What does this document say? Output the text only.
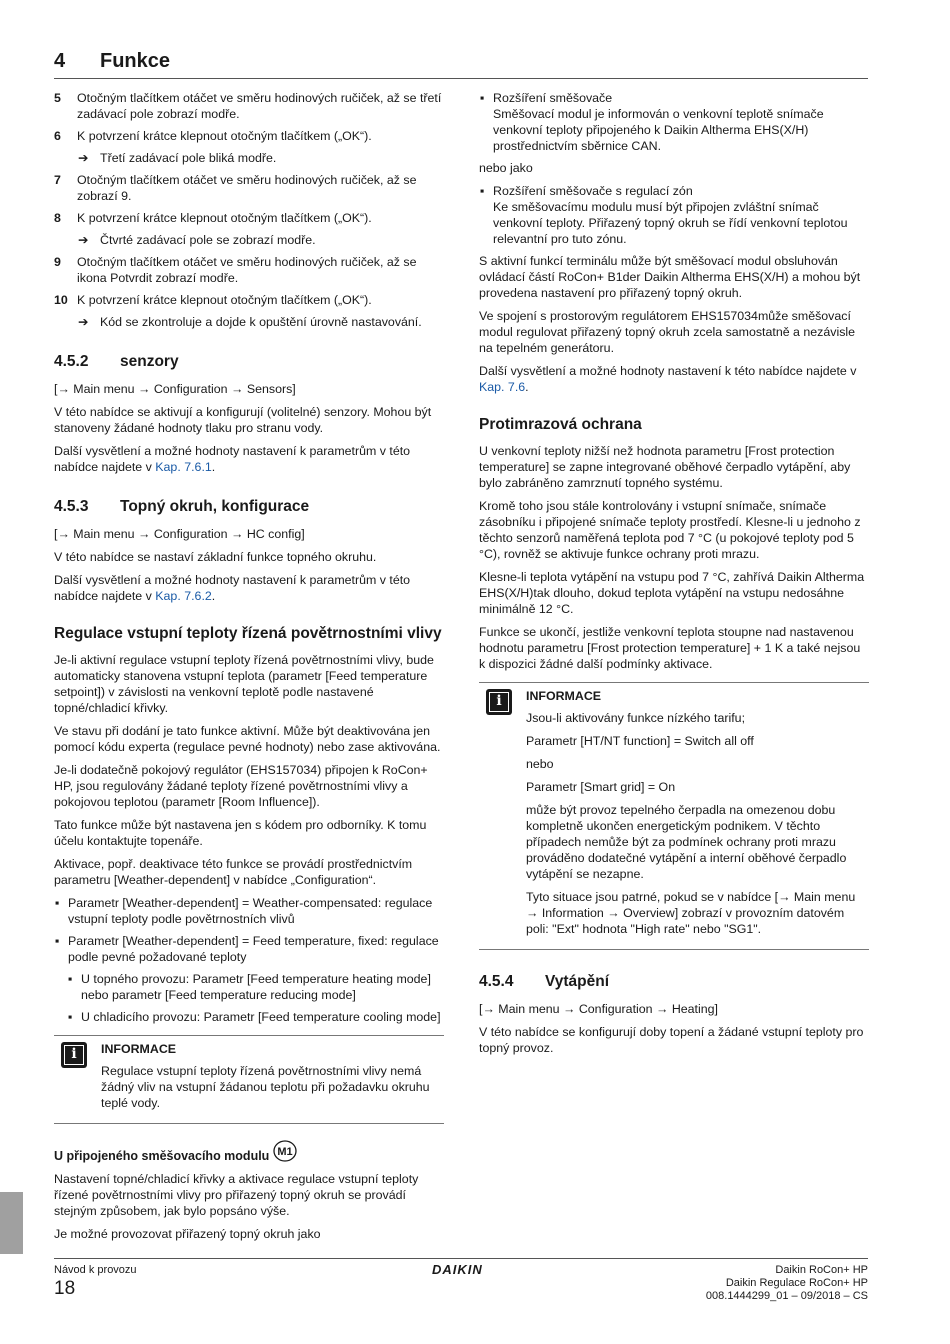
4 Funkce
5 Otočným tlačítkem otáčet ve směru hodinových ručiček, až se třetí zadávací pole zobrazí modře.
6 K potvrzení krátce klepnout otočným tlačítkem („OK“).
➔ Třetí zadávací pole bliká modře.
7 Otočným tlačítkem otáčet ve směru hodinových ručiček, až se zobrazí 9.
8 K potvrzení krátce klepnout otočným tlačítkem („OK“).
➔ Čtvrté zadávací pole se zobrazí modře.
9 Otočným tlačítkem otáčet ve směru hodinových ručiček, až se ikona Potvrdit zobrazí modře.
10 K potvrzení krátce klepnout otočným tlačítkem („OK“).
➔ Kód se zkontroluje a dojde k opuštění úrovně nastavování.
4.5.2 senzory

[→ Main menu → Configuration → Sensors]

V této nabídce se aktivují a konfigurují (volitelné) senzory. Mohou být stanoveny žádané hodnoty tlaku pro stranu vody.

Další vysvětlení a možné hodnoty nastavení k parametrům v této nabídce najdete v Kap. 7.6.1.

4.5.3 Topný okruh, konfigurace

[→ Main menu → Configuration → HC config]

V této nabídce se nastaví základní funkce topného okruhu.

Další vysvětlení a možné hodnoty nastavení k parametrům v této nabídce najdete v Kap. 7.6.2.

Regulace vstupní teploty řízená povětrnostními vlivy

Je-li aktivní regulace vstupní teploty řízená povětrnostními vlivy, bude automaticky stanovena vstupní teplota (parametr [Feed temperature setpoint]) v závislosti na venkovní teplotě podle nastavené topné/chladicí křivky.

Ve stavu při dodání je tato funkce aktivní. Může být deaktivována jen pomocí kódu experta (regulace pevné hodnoty) nebo zase aktivována.

Je-li dodatečně pokojový regulátor (EHS157034) připojen k RoCon+ HP, jsou regulovány žádané teploty řízené povětrnostními vlivy a pokojovou teplotou (parametr [Room Influence]).

Tato funkce může být nastavena jen s kódem pro odborníky. K tomu účelu kontaktujte topenáře.

Aktivace, popř. deaktivace této funkce se provádí prostřednictvím parametru [Weather-dependent] v nabídce „Configuration“.

▪ Parametr [Weather-dependent] = Weather-compensated: regulace vstupní teploty podle povětrnostních vlivů
▪ Parametr [Weather-dependent] = Feed temperature, fixed: regulace podle pevné požadované teploty
▪ U topného provozu: Parametr [Feed temperature heating mode] nebo parametr [Feed temperature reducing mode]
▪ U chladicího provozu: Parametr [Feed temperature cooling mode]
i	INFORMACE

Regulace vstupní teploty řízená povětrnostními vlivy nemá žádný vliv na vstupní žádanou teplotu při požadavku okruhu teplé vody.

U připojeného směšovacího modulu M1

Nastavení topné/chladicí křivky a aktivace regulace vstupní teploty řízené povětrnostními vlivy pro přiřazený topný okruh se provádí stejným způsobem, jak bylo popsáno výše.

Je možné provozovat přiřazený topný okruh jako

▪ Rozšíření směšovače
Směšovací modul je informován o venkovní teplotě snímače venkovní teploty připojeného k Daikin Altherma EHS(X/H) prostřednictvím sběrnice CAN.

nebo jako

▪ Rozšíření směšovače s regulací zón
Ke směšovacímu modulu musí být připojen zvláštní snímač venkovní teploty. Přiřazený topný okruh se řídí venkovní teplotou relevantní pro tuto zónu.

S aktivní funkcí terminálu může být směšovací modul obsluhován ovládací částí RoCon+ B1der Daikin Altherma EHS(X/H) a mohou být provedena nastavení pro přiřazený topný okruh.

Ve spojení s prostorovým regulátorem EHS157034může směšovací modul regulovat přiřazený topný okruh zcela samostatně a nezávisle na tepelném generátoru.

Další vysvětlení a možné hodnoty nastavení k této nabídce najdete v Kap. 7.6.

Protimrazová ochrana

U venkovní teploty nižší než hodnota parametru [Frost protection temperature] se zapne integrované oběhové čerpadlo vytápění, aby bylo zabráněno zamrznutí topného systému.

Kromě toho jsou stále kontrolovány i vstupní snímače, snímače zásobníku i připojené snímače teploty prostředí. Klesne-li u jednoho z těchto senzorů naměřená teplota pod 7 °C (u pokojové teploty pod 5 °C), rovněž se aktivuje funkce ochrany proti mrazu.

Klesne-li teplota vytápění na vstupu pod 7 °C, zahřívá Daikin Altherma EHS(X/H)tak dlouho, dokud teplota vytápění na vstupu nedosáhne minimálně 12 °C.

Funkce se ukončí, jestliže venkovní teplota stoupne nad nastavenou hodnotu parametru [Frost protection temperature] + 1 K a také nejsou k dispozici žádné další podmínky aktivace.

i	INFORMACE

Jsou-li aktivovány funkce nízkého tarifu;

Parametr [HT/NT function] = Switch all off

nebo

Parametr [Smart grid] = On

může být provoz tepelného čerpadla na omezenou dobu kompletně ukončen energetickým podnikem. V těchto případech nemůže být za podmínek ochrany proti mrazu prováděno dodatečné vytápění a interní oběhové čerpadlo vytápění se nezapne.

Tyto situace jsou patrné, pokud se v nabídce [→ Main menu → Information → Overview] zobrazí v provozním datovém poli: "Ext" hodnota "High rate" nebo "SG1".

4.5.4 Vytápění

[→ Main menu → Configuration → Heating]

V této nabídce se konfigurují doby topení a žádané vstupní teploty pro topný provoz.

Návod k provozu
18
DAIKIN	Daikin RoCon+ HP
Daikin Regulace RoCon+ HP
008.1444299_01 – 09/2018 – CS
